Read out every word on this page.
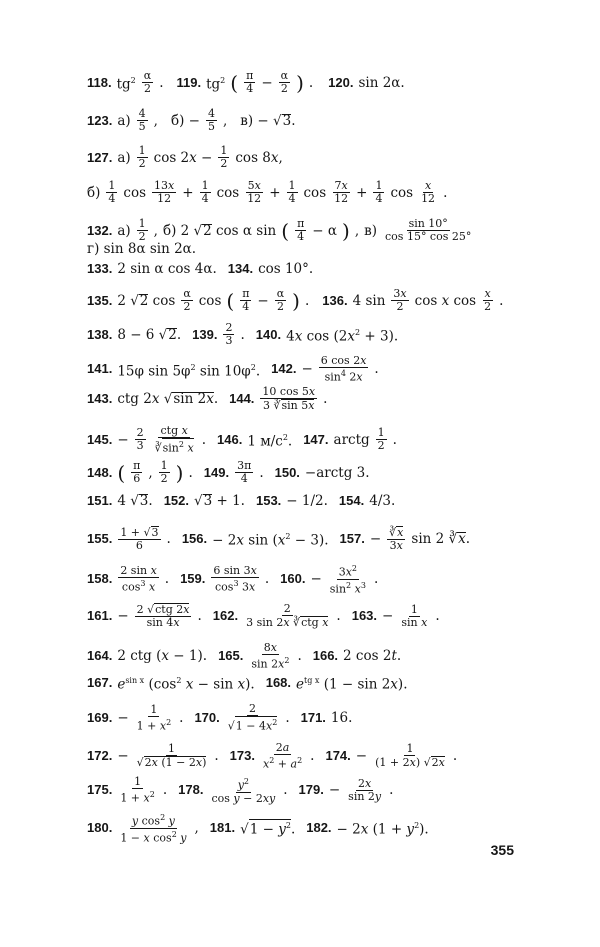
118. $tg^2 \frac{\alpha}{2}$ . 119. $tg^2$ ( $\frac{\pi}{4} - \frac{\alpha}{2}$ ) . 120. sin 2α.
123. $а) \frac{4}{5}$ , $б) - \frac{4}{5}$ , в) − √3.
127. $а) \frac{1}{2}$ $\cos 2x - \frac{1}{2}$ cos 8x,
$б) \frac{1}{4}$ $\cos \frac{13x}{12} + \frac{1}{4}$ $\cos \frac{5x}{12} + \frac{1}{4}$ $\cos \frac{7x}{12} + \frac{1}{4}$ $\cos \frac{x}{12}$ .
132. $а) \frac{1}{2}$ , б) 2 √2 cos α sin ( $\frac{\pi}{4} - \alpha$ ) , $в) \frac{\sin 10^\circ}{\cos 15^\circ \cos 25^\circ}$
г) sin 8α sin 2α.
133. 2 sin α cos 4α. 134. cos 10°.
135. 2 √2 $\cos \frac{\alpha}{2}$ cos ( $\frac{\pi}{4} - \frac{\alpha}{2}$ ) . 136. 4 $\sin \frac{3x}{2}$ cos x $\cos \frac{x}{2}$ .
138. 8 − 6 √2. 139. $\frac{2}{3}$ . 140. 4x $\cos (2x^2 + 3)$.
141. 15φ $\sin 5\varphi^2$ $\sin 10\varphi^2$. 142. − $\frac{6 \cos 2x}{\sin^4 2x}$ .
143. ctg 2x √sin 2x. 144. $\frac{10 \cos 5x}{3 ∛\sin 5x}$ .
145. − $\frac{2}{3} \frac{\text{ctg x}}{∛\sin^2 x}$ . 146. 1 $м/с^2$. 147. arctg $\frac{1}{2}$ .
148. ( $\frac{\pi}{6}$ , $\frac{1}{2}$ ) . 149. $\frac{3\pi}{4}$ . 150. −arctg 3.
151. 4 √3. 152. √3 + 1. 153. − 1/2. 154. 4/3.
155. $\frac{1 + √3}{6}$ . 156. − 2x $\sin (x^2 - 3)$. 157. − $\frac{∛x}{3x}$ sin 2 ∛x.
158. $\frac{\text{2 sin x}}{\cos^3 x}$ . 159. $\frac{6 \sin 3x}{\cos^3 3x}$ . 160. − $\frac{3x^2}{\sin^2 x^3}$ .
161. − $\frac{\text{2 √ctg 2x}}{\sin 4x}$ . 162. $\frac{2}{\text{3 sin 2x ∛ctg x}}$ . 163. − $\frac{1}{\text{sin x}}$ .
164. 2 ctg (x − 1). 165. $\frac{8x}{\sin 2x^2}$ . 166. 2 cos 2t.
167. $e^{sin x}$ ($\cos^2$ x − sin x). 168. $e^{tg x}$ (1 − sin 2x).
169. − $\frac{1}{1 + x^2}$ . 170. $\frac{2}{√1 - 4x^2}$ . 171. 16.
172. − $\frac{1}{√2x (1 - 2x)}$ . 173. $\frac{2a}{x^2 + a^2}$ . 174. − $\frac{1}{(1 + 2x) √2x}$ .
175. $\frac{1}{1 + x^2}$ . 178. $\frac{y^2}{\text{cos y − 2xy}}$ . 179. − $\frac{2x}{\sin 2y}$ .
180. $\frac{y \cos^2 y}{1 - x \cos^2 y}$ , 181. $√1 - y^2$. 182. − 2x $(1 + y^2)$.
355
